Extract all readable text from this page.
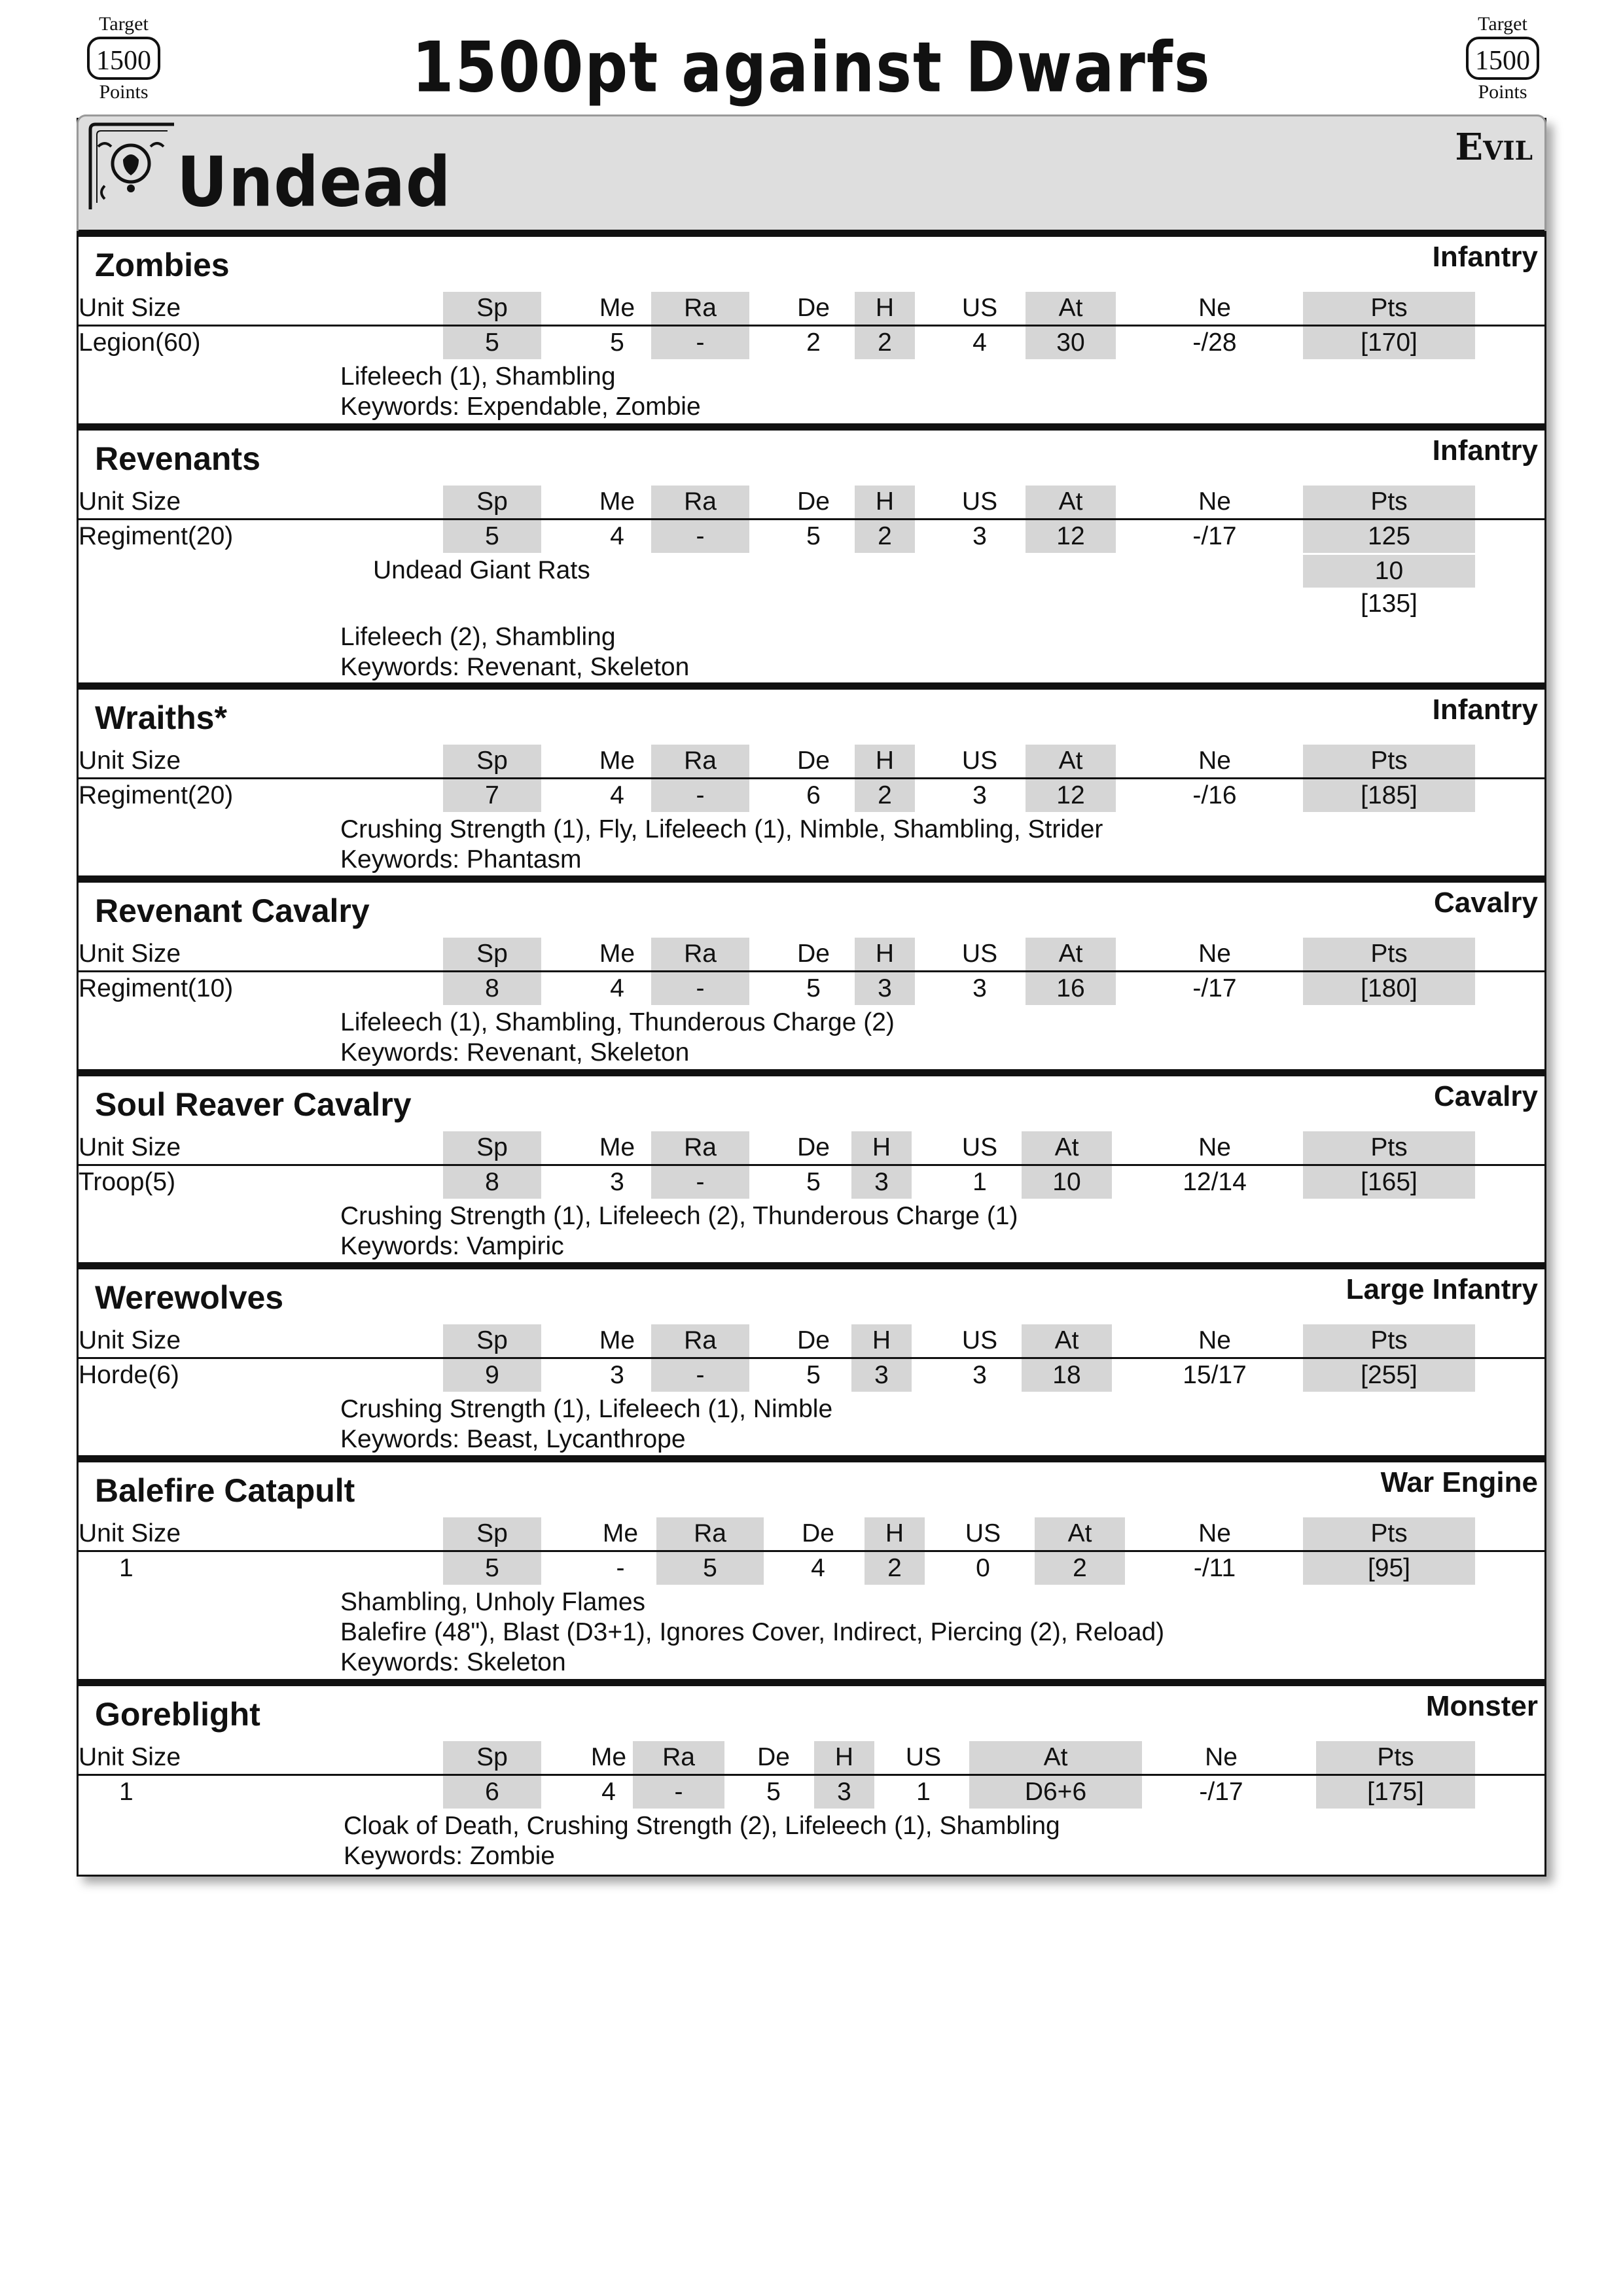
1500pt against Dwarfs
Target
1500
Points
Target
1500
Points
Undead	Evil
Zombies	Infantry
Unit Size	Sp	Me	Ra	De	H	US	At	Ne	Pts
Legion(60)	5	5	-	2	2	4	30	-/28	[170]
Lifeleech (1), Shambling
Keywords: Expendable, Zombie
Revenants	Infantry
Unit Size	Sp	Me	Ra	De	H	US	At	Ne	Pts
Regiment(20)	5	4	-	5	2	3	12	-/17	125
Undead Giant Rats	10
[135]
Lifeleech (2), Shambling
Keywords: Revenant, Skeleton
Wraiths*	Infantry
Unit Size	Sp	Me	Ra	De	H	US	At	Ne	Pts
Regiment(20)	7	4	-	6	2	3	12	-/16	[185]
Crushing Strength (1), Fly, Lifeleech (1), Nimble, Shambling, Strider
Keywords: Phantasm
Revenant Cavalry	Cavalry
Unit Size	Sp	Me	Ra	De	H	US	At	Ne	Pts
Regiment(10)	8	4	-	5	3	3	16	-/17	[180]
Lifeleech (1), Shambling, Thunderous Charge (2)
Keywords: Revenant, Skeleton
Soul Reaver Cavalry	Cavalry
Unit Size	Sp	Me	Ra	De	H	US	At	Ne	Pts
Troop(5)	8	3	-	5	3	1	10	12/14	[165]
Crushing Strength (1), Lifeleech (2), Thunderous Charge (1)
Keywords: Vampiric
Werewolves	Large Infantry
Unit Size	Sp	Me	Ra	De	H	US	At	Ne	Pts
Horde(6)	9	3	-	5	3	3	18	15/17	[255]
Crushing Strength (1), Lifeleech (1), Nimble
Keywords: Beast, Lycanthrope
Balefire Catapult	War Engine
Unit Size	Sp	Me	Ra	De	H	US	At	Ne	Pts
1	5	-	5	4	2	0	2	-/11	[95]
Shambling, Unholy Flames
Balefire (48"), Blast (D3+1), Ignores Cover, Indirect, Piercing (2), Reload)
Keywords: Skeleton
Goreblight	Monster
Unit Size	Sp	Me	Ra	De	H	US	At	Ne	Pts
1	6	4	-	5	3	1	D6+6	-/17	[175]
Cloak of Death, Crushing Strength (2), Lifeleech (1), Shambling
Keywords: Zombie
